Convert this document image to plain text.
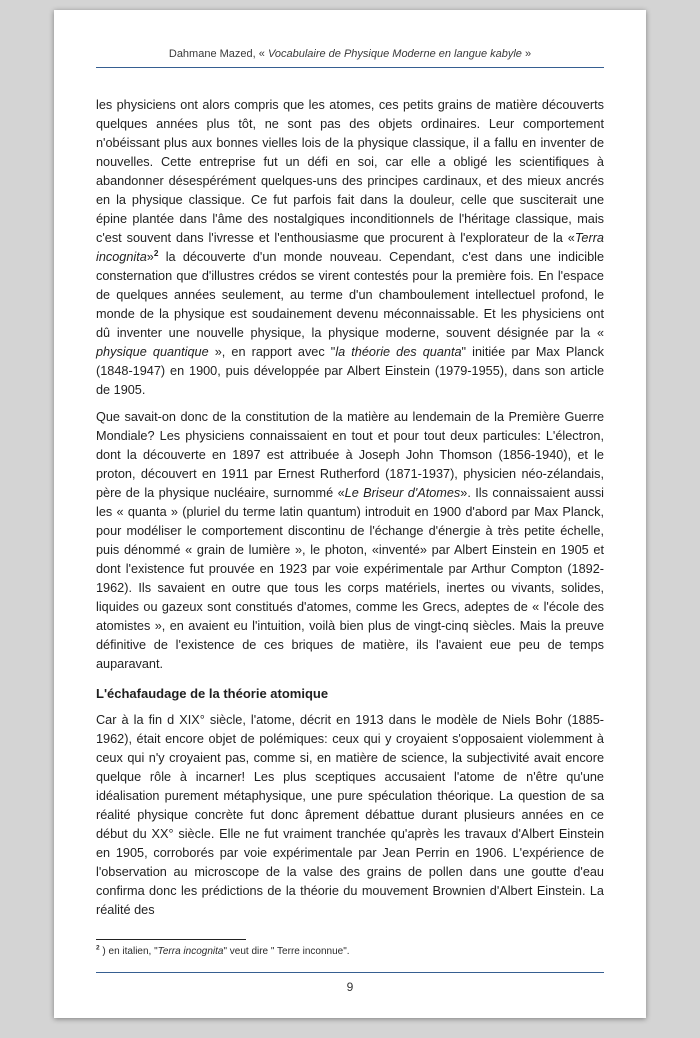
Dahmane Mazed, « Vocabulaire de Physique Moderne en langue kabyle »

les physiciens ont alors compris que les atomes, ces petits grains de matière découverts quelques années plus tôt, ne sont pas des objets ordinaires. Leur comportement n'obéissant plus aux bonnes vielles lois de la physique classique, il a fallu en inventer de nouvelles. Cette entreprise fut un défi en soi, car elle a obligé les scientifiques à abandonner désespérément quelques-uns des principes cardinaux, et des mieux ancrés en la physique classique. Ce fut parfois fait dans la douleur, celle que susciterait une épine plantée dans l'âme des nostalgiques inconditionnels de l'héritage classique, mais c'est souvent dans l'ivresse et l'enthousiasme que procurent à l'explorateur de la «Terra incognita»$^2$ la découverte d'un monde nouveau. Cependant, c'est dans une indicible consternation que d'illustres crédos se virent contestés pour la première fois. En l'espace de quelques années seulement, au terme d'un chamboulement intellectuel profond, le monde de la physique est soudainement devenu méconnaissable. Et les physiciens ont dû inventer une nouvelle physique, la physique moderne, souvent désignée par la « physique quantique », en rapport avec "la théorie des quanta" initiée par Max Planck (1848-1947) en 1900, puis développée par Albert Einstein (1979-1955), dans son article de 1905.

Que savait-on donc de la constitution de la matière au lendemain de la Première Guerre Mondiale? Les physiciens connaissaient en tout et pour tout deux particules: L'électron, dont la découverte en 1897 est attribuée à Joseph John Thomson (1856-1940), et le proton, découvert en 1911 par Ernest Rutherford (1871-1937), physicien néo-zélandais, père de la physique nucléaire, surnommé «Le Briseur d'Atomes». Ils connaissaient aussi les « quanta » (pluriel du terme latin quantum) introduit en 1900 d'abord par Max Planck, pour modéliser le comportement discontinu de l'échange d'énergie à très petite échelle, puis dénommé « grain de lumière », le photon, «inventé» par Albert Einstein en 1905 et dont l'existence fut prouvée en 1923 par voie expérimentale par Arthur Compton (1892-1962). Ils savaient en outre que tous les corps matériels, inertes ou vivants, solides, liquides ou gazeux sont constitués d'atomes, comme les Grecs, adeptes de « l'école des atomistes », en avaient eu l'intuition, voilà bien plus de vingt-cinq siècles. Mais la preuve définitive de l'existence de ces briques de matière, ils l'avaient eue peu de temps auparavant.

L'échafaudage de la théorie atomique

Car à la fin d XIX° siècle, l'atome, décrit en 1913 dans le modèle de Niels Bohr (1885-1962), était encore objet de polémiques: ceux qui y croyaient s'opposaient violemment à ceux qui n'y croyaient pas, comme si, en matière de science, la subjectivité avait encore quelque rôle à incarner! Les plus sceptiques accusaient l'atome de n'être qu'une idéalisation purement métaphysique, une pure spéculation théorique. La question de sa réalité physique concrète fut donc âprement débattue durant plusieurs années en ce début du XX° siècle. Elle ne fut vraiment tranchée qu'après les travaux d'Albert Einstein en 1905, corroborés par voie expérimentale par Jean Perrin en 1906. L'expérience de l'observation au microscope de la valse des grains de pollen dans une goutte d'eau confirma donc les prédictions de la théorie du mouvement Brownien d'Albert Einstein. La réalité des

$^2$ ) en italien, "Terra incognita" veut dire " Terre inconnue".
9
